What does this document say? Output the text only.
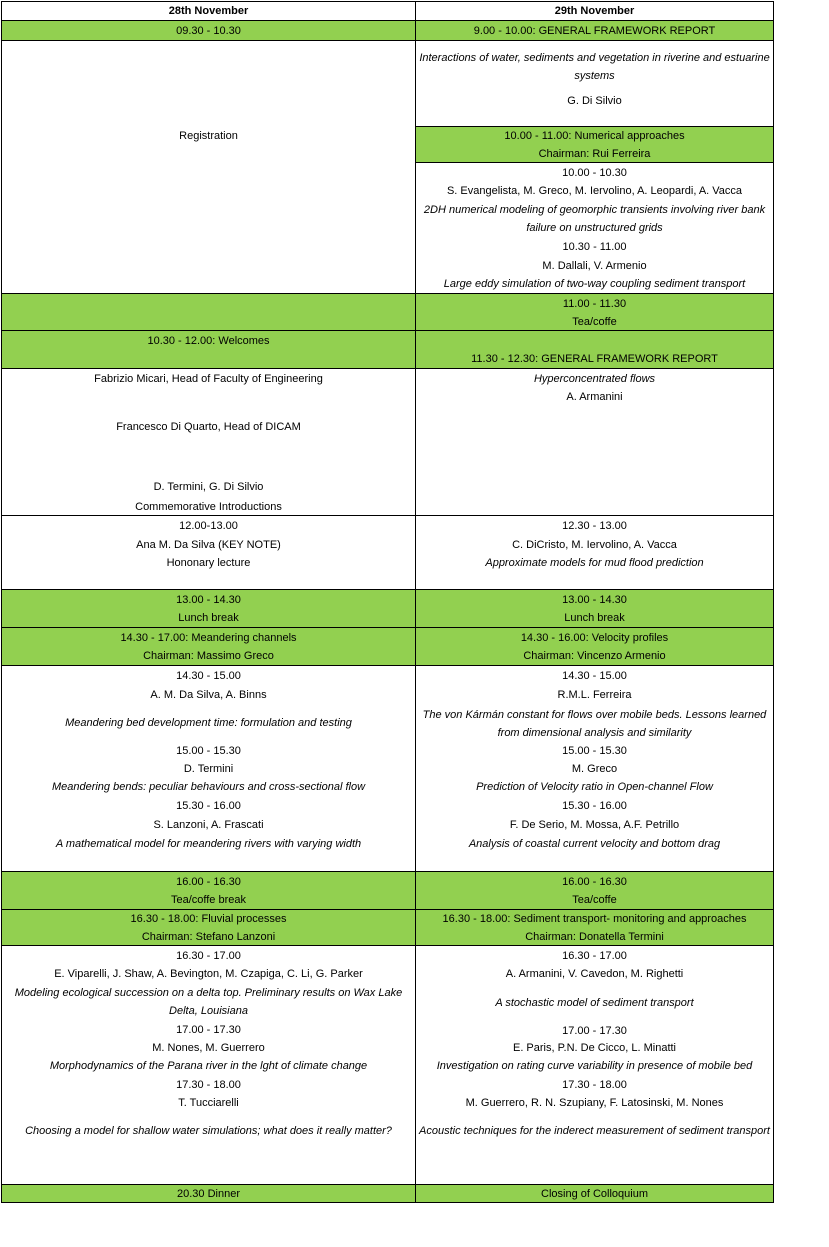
28th November	29th November
09.30 - 10.30
Registration
10.30 - 12.00: Welcomes
Fabrizio Micari, Head of Faculty of Engineering
Francesco Di Quarto, Head of DICAM
D. Termini, G. Di Silvio
Commemorative Introductions
12.00-13.00
Ana M. Da Silva (KEY NOTE)
Hononary lecture
13.00 - 14.30
Lunch break
14.30 - 17.00: Meandering channels
Chairman: Massimo Greco
14.30 - 15.00
A. M. Da Silva, A. Binns
Meandering bed development time: formulation and testing
15.00 - 15.30
D. Termini
Meandering bends: peculiar behaviours and cross-sectional flow
15.30 - 16.00
S. Lanzoni, A. Frascati
A mathematical model for meandering rivers with varying width
16.00 - 16.30
Tea/coffe break
16.30 - 18.00: Fluvial processes
Chairman: Stefano Lanzoni
16.30 - 17.00
E. Viparelli, J. Shaw, A. Bevington, M. Czapiga, C. Li, G. Parker
Modeling ecological succession on a delta top. Preliminary results on Wax Lake
Delta, Louisiana
17.00 - 17.30
M. Nones, M. Guerrero
Morphodynamics of the Parana river in the lght of climate change
17.30 - 18.00
T. Tucciarelli
Choosing a model for shallow water simulations; what does it really matter?
20.30 Dinner
9.00 - 10.00: GENERAL FRAMEWORK REPORT
Interactions of water, sediments and vegetation in riverine and estuarine
systems
G. Di Silvio
10.00 - 11.00: Numerical approaches
Chairman: Rui Ferreira
10.00 - 10.30
S. Evangelista, M. Greco, M. Iervolino, A. Leopardi, A. Vacca
2DH numerical modeling of geomorphic transients involving river bank
failure on unstructured grids
10.30 - 11.00
M. Dallali, V. Armenio
Large eddy simulation of two-way coupling sediment transport
11.00 - 11.30
Tea/coffe
11.30 - 12.30: GENERAL FRAMEWORK REPORT
Hyperconcentrated flows
A. Armanini
12.30 - 13.00
C. DiCristo, M. Iervolino, A. Vacca
Approximate models for mud flood prediction
13.00 - 14.30
Lunch break
14.30 - 16.00: Velocity profiles
Chairman: Vincenzo Armenio
14.30 - 15.00
R.M.L. Ferreira
The von Kármán constant for flows over mobile beds. Lessons learned
from dimensional analysis and similarity
15.00 - 15.30
M. Greco
Prediction of Velocity ratio in Open-channel Flow
15.30 - 16.00
F. De Serio, M. Mossa, A.F. Petrillo
Analysis of coastal current velocity and bottom drag
16.00 - 16.30
Tea/coffe
16.30 - 18.00: Sediment transport- monitoring and approaches
Chairman: Donatella Termini
16.30 - 17.00
A. Armanini, V. Cavedon, M. Righetti
A stochastic model of sediment transport
17.00 - 17.30
E. Paris, P.N. De Cicco, L. Minatti
Investigation on rating curve variability in presence of mobile bed
17.30 - 18.00
M. Guerrero, R. N. Szupiany, F. Latosinski, M. Nones
Acoustic techniques for the inderect measurement of sediment transport
Closing of Colloquium
